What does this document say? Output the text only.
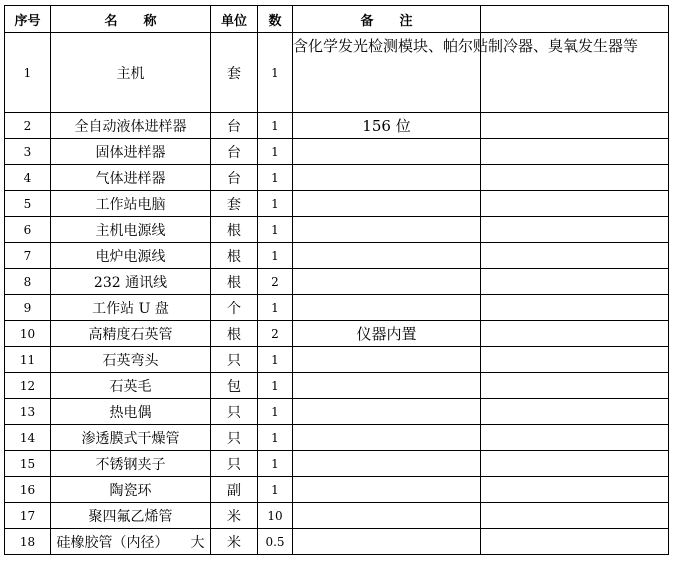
序号	名　　称	单位	数	备　　注	
1	主机	套	1	含化学发光检测模块、帕尔贴制冷器、臭氧发生器等	

2	全自动液体进样器	台	1	156 位	
3	固体进样器	台	1		
4	气体进样器	台	1		
5	工作站电脑	套	1		
6	主机电源线	根	1		
7	电炉电源线	根	1		
8	232 通讯线	根	2		
9	工作站 U 盘	个	1		
10	高精度石英管	根	2	仪器内置	
11	石英弯头	只	1		
12	石英毛	包	1		
13	热电偶	只	1		
14	渗透膜式干燥管	只	1		
15	不锈钢夹子	只	1		
16	陶瓷环	副	1		
17	聚四氟乙烯管	米	10		
18	硅橡胶管（内径） 大	米	0.5		
